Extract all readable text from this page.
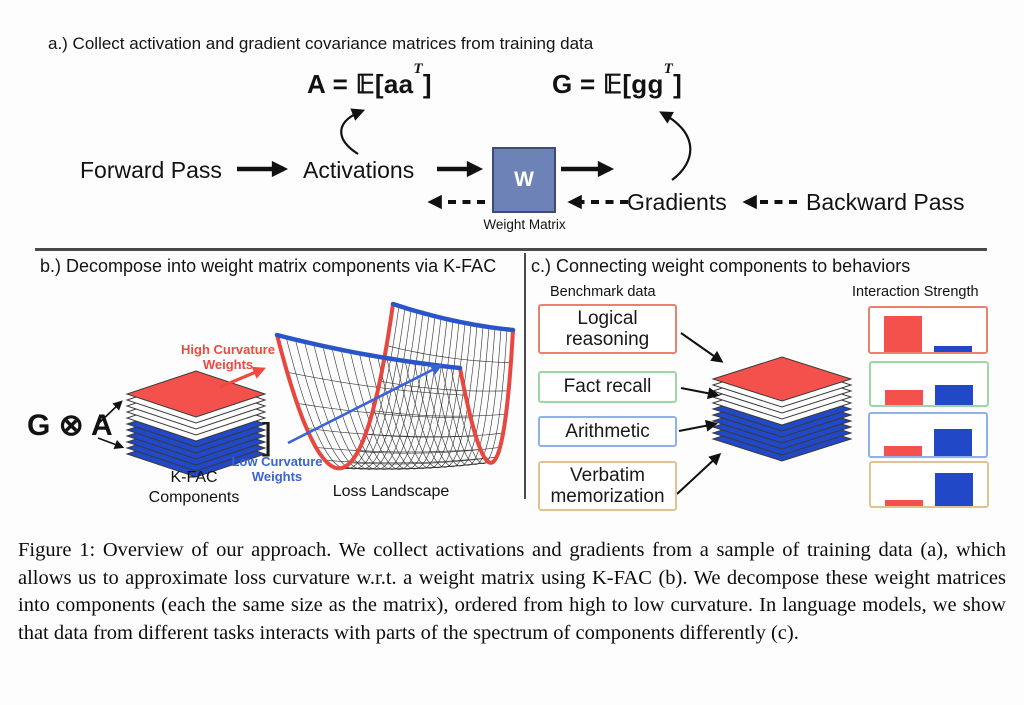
a.) Collect activation and gradient covariance matrices from training data
$A = 𝔼[aa^T]$	$G = 𝔼[gg^T]$
Forward Pass	Activations	W
Weight Matrix
Gradients	Backward Pass
b.) Decompose into weight matrix components via K-FAC
G ⊗ A
High Curvature Weights
]
Low Curvature Weights
K-FAC Components	Loss Landscape
c.) Connecting weight components to behaviors
Benchmark data	Interaction Strength
Logical reasoning
Fact recall
Arithmetic
Verbatim memorization
Figure 1: Overview of our approach. We collect activations and gradients from a sample of training data (a), which allows us to approximate loss curvature w.r.t. a weight matrix using K-FAC (b). We decompose these weight matrices into components (each the same size as the matrix), ordered from high to low curvature. In language models, we show that data from different tasks interacts with parts of the spectrum of components differently (c).
